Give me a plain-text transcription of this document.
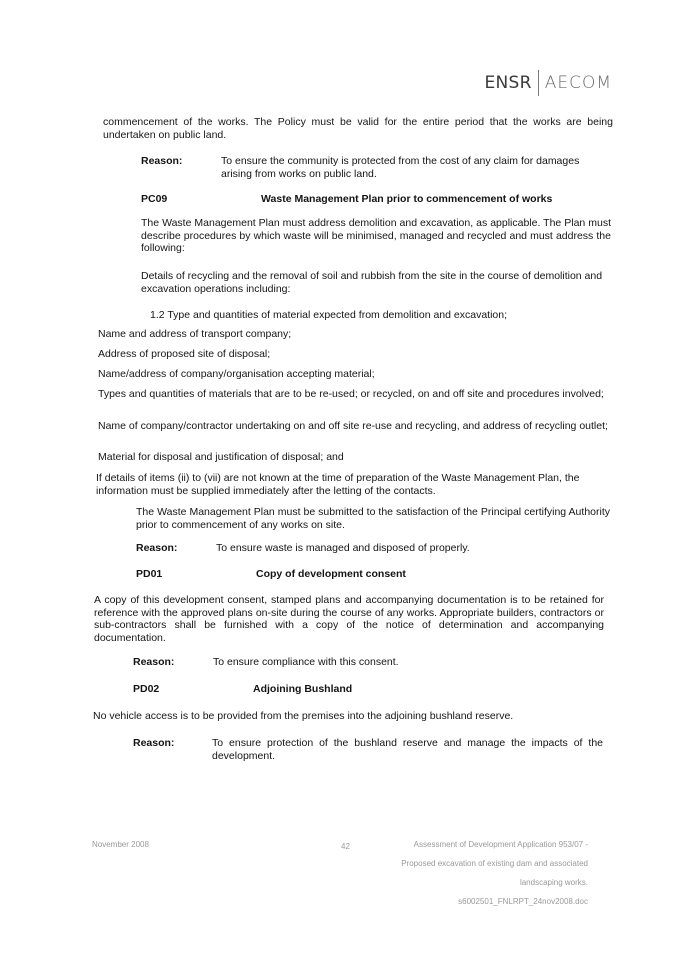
ENSR AECOM
commencement of the works. The Policy must be valid for the entire period that the works are being undertaken on public land.
Reason:	To ensure the community is protected from the cost of any claim for damages arising from works on public land.
PC09	Waste Management Plan prior to commencement of works
The Waste Management Plan must address demolition and excavation, as applicable. The Plan must describe procedures by which waste will be minimised, managed and recycled and must address the following:
Details of recycling and the removal of soil and rubbish from the site in the course of demolition and excavation operations including:
1.2 Type and quantities of material expected from demolition and excavation;
Name and address of transport company;
Address of proposed site of disposal;
Name/address of company/organisation accepting material;
Types and quantities of materials that are to be re-used; or recycled, on and off site and procedures involved;
Name of company/contractor undertaking on and off site re-use and recycling, and address of recycling outlet;
Material for disposal and justification of disposal; and
If details of items (ii) to (vii) are not known at the time of preparation of the Waste Management Plan, the information must be supplied immediately after the letting of the contacts.
The Waste Management Plan must be submitted to the satisfaction of the Principal certifying Authority prior to commencement of any works on site.
Reason:	To ensure waste is managed and disposed of properly.
PD01	Copy of development consent
A copy of this development consent, stamped plans and accompanying documentation is to be retained for reference with the approved plans on-site during the course of any works. Appropriate builders, contractors or sub-contractors shall be furnished with a copy of the notice of determination and accompanying documentation.
Reason:	To ensure compliance with this consent.
PD02	Adjoining Bushland
No vehicle access is to be provided from the premises into the adjoining bushland reserve.
Reason:	To ensure protection of the bushland reserve and manage the impacts of the development.
November 2008	42	Assessment of Development Application 953/07 -
Proposed excavation of existing dam and associated
landscaping works.
s6002501_FNLRPT_24nov2008.doc
